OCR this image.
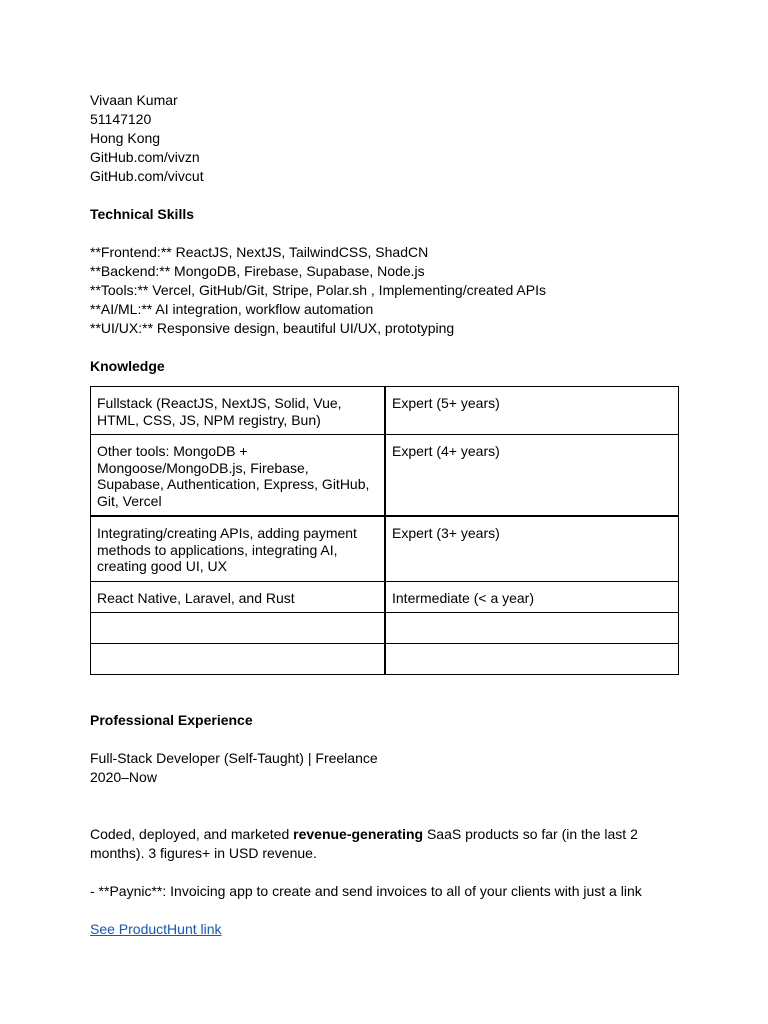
Vivaan Kumar
51147120
Hong Kong
GitHub.com/vivzn
GitHub.com/vivcut
Technical Skills
**Frontend:** ReactJS, NextJS, TailwindCSS, ShadCN
**Backend:** MongoDB, Firebase, Supabase, Node.js
**Tools:** Vercel, GitHub/Git, Stripe, Polar.sh , Implementing/created APIs
**AI/ML:** AI integration, workflow automation
**UI/UX:** Responsive design, beautiful UI/UX, prototyping
Knowledge
Fullstack (ReactJS, NextJS, Solid, Vue, HTML, CSS, JS, NPM registry, Bun)	Expert (5+ years)
Other tools: MongoDB + Mongoose/MongoDB.js, Firebase, Supabase, Authentication, Express, GitHub, Git, Vercel	Expert (4+ years)
Integrating/creating APIs, adding payment methods to applications, integrating AI, creating good UI, UX	Expert (3+ years)
React Native, Laravel, and Rust	Intermediate (< a year)

Professional Experience
Full-Stack Developer (Self-Taught) | Freelance
2020–Now
Coded, deployed, and marketed revenue-generating SaaS products so far (in the last 2
months). 3 figures+ in USD revenue.
- **Paynic**: Invoicing app to create and send invoices to all of your clients with just a link
See ProductHunt link
